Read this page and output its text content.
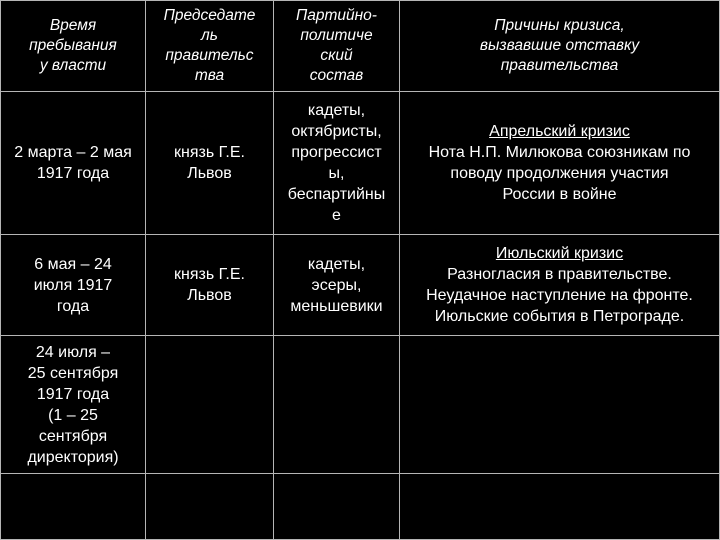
Время
пребывания
у власти
Председате
ль
правительс
тва
Партийно-
политиче
ский
состав
Причины кризиса,
вызвавшие отставку
правительства
2 марта – 2 мая
1917 года
князь Г.Е.
Львов
кадеты,
октябристы,
прогрессист
ы,
беспартийны
е
Апрельский кризис
Нота Н.П. Милюкова союзникам по
поводу продолжения участия
России в войне
6 мая – 24
июля 1917
года
князь Г.Е.
Львов
кадеты,
эсеры,
меньшевики
Июльский кризис
Разногласия в правительстве.
Неудачное наступление на фронте.
Июльские события в Петрограде.
24 июля –
25 сентября
1917 года
(1 – 25
сентября
директория)
